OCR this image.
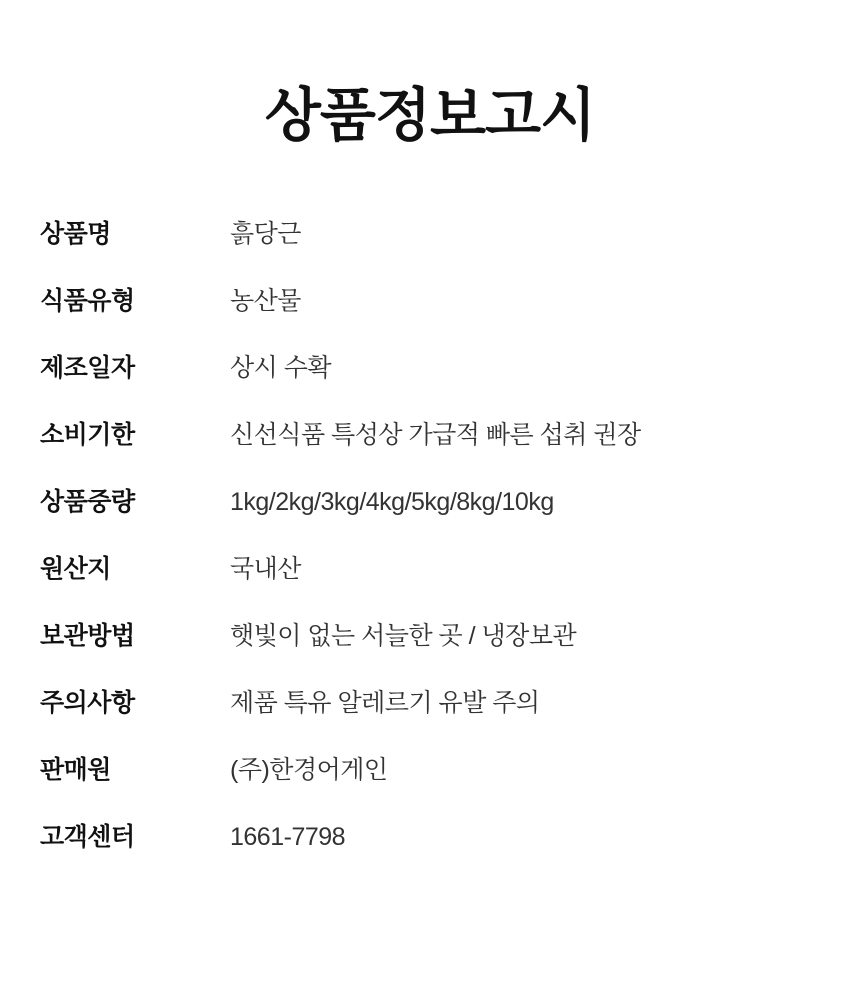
상품정보고시
상품명	흙당근
식품유형	농산물
제조일자	상시 수확
소비기한	신선식품 특성상 가급적 빠른 섭취 권장
상품중량	1kg/2kg/3kg/4kg/5kg/8kg/10kg
원산지	국내산
보관방법	햇빛이 없는 서늘한 곳 / 냉장보관
주의사항	제품 특유 알레르기 유발 주의
판매원	(주)한경어게인
고객센터	1661-7798
